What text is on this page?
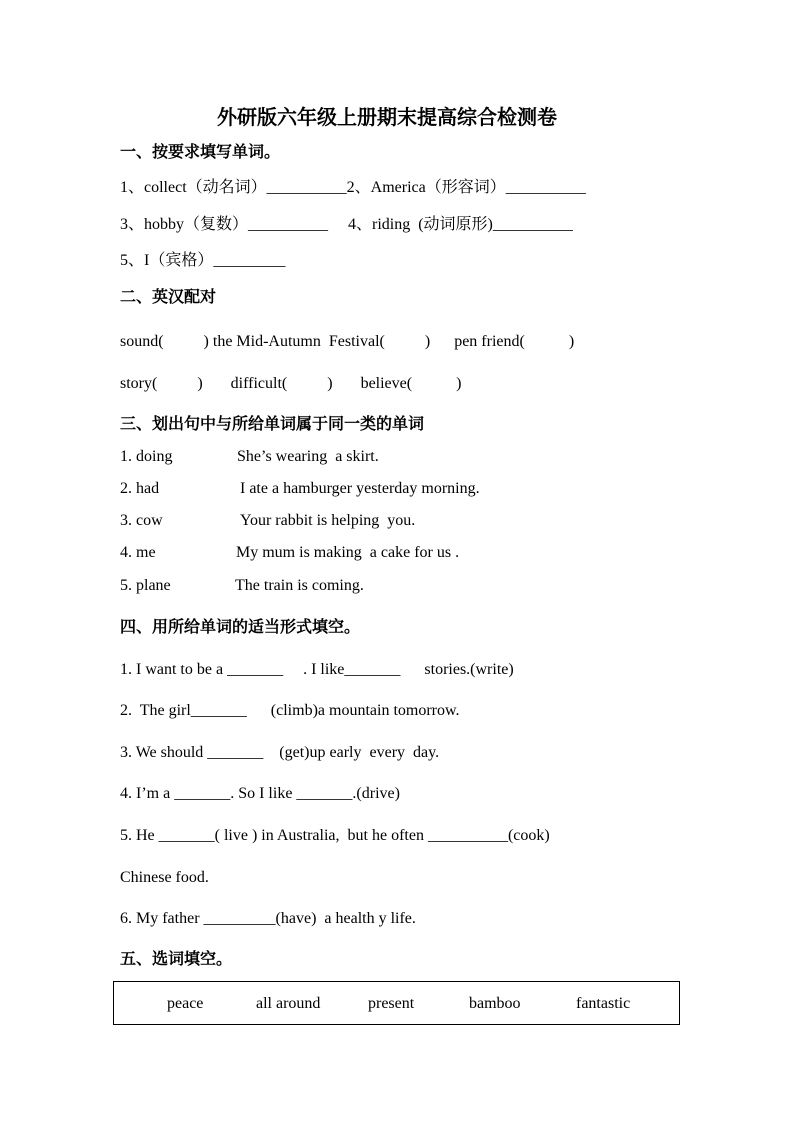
外研版六年级上册期末提高综合检测卷
一、按要求填写单词。
1、collect（动名词）__________2、America（形容词）__________
3、hobby（复数）__________     4、riding  (动词原形)__________
5、I（宾格）_________
二、英汉配对
sound(          ) the Mid-Autumn  Festival(          )      pen friend(           )
story(          )       difficult(          )       believe(           )
三、划出句中与所给单词属于同一类的单词
1. doing	She’s wearing  a skirt.
2. had	I ate a hamburger yesterday morning.
3. cow	Your rabbit is helping  you.
4. me	My mum is making  a cake for us .
5. plane	The train is coming.
四、用所给单词的适当形式填空。
1. I want to be a _______     . I like_______      stories.(write)
2.  The girl_______      (climb)a mountain tomorrow.
3. We should _______    (get)up early  every  day.
4. I’m a _______. So I like _______.(drive)
5. He _______( live ) in Australia,  but he often __________(cook)
Chinese food.
6. My father _________(have)  a health y life.
五、选词填空。
peace	all around	present	bamboo	fantastic
